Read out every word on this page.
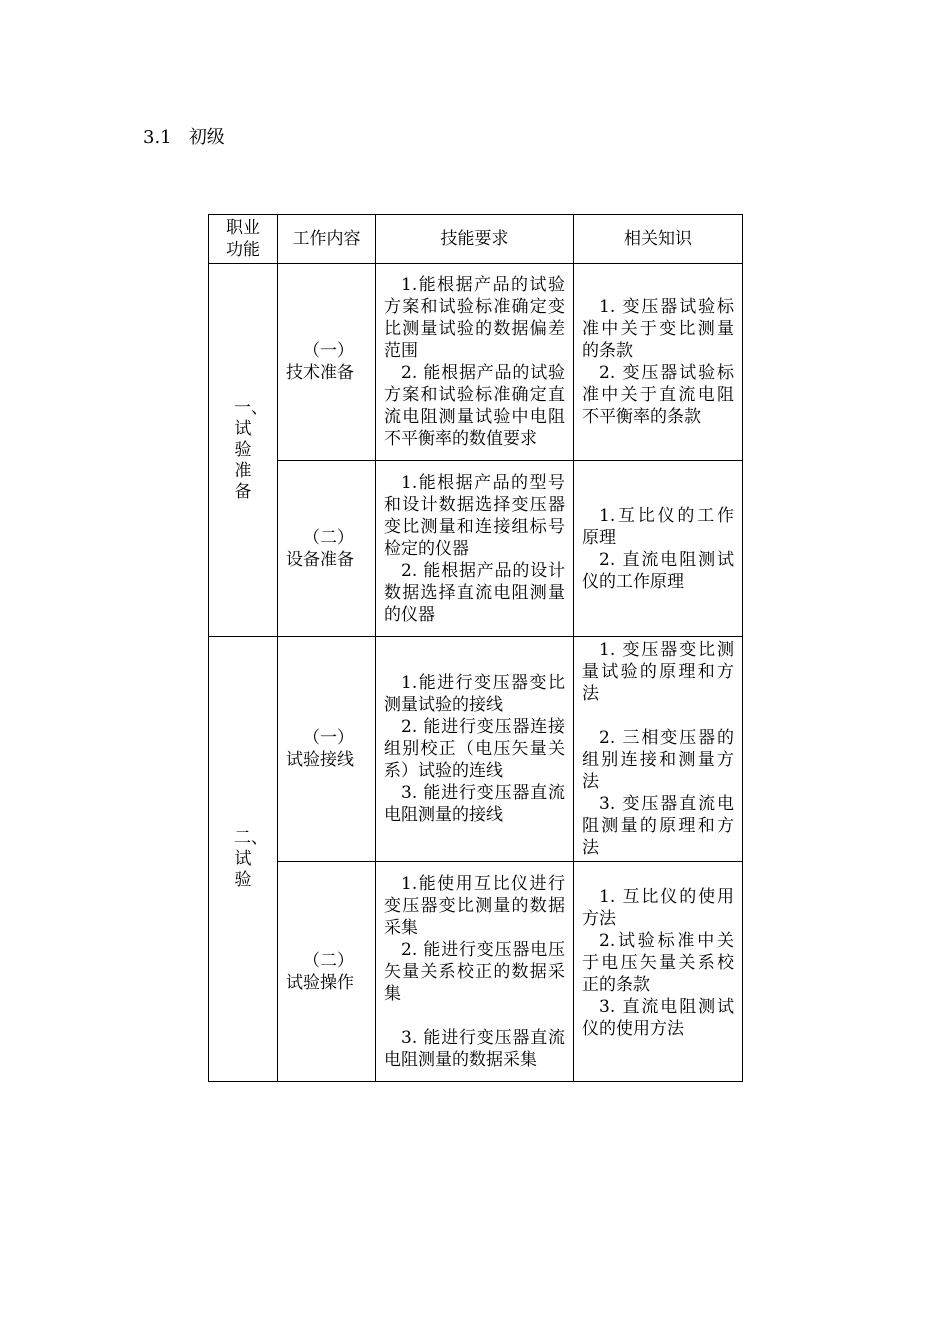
3.1 初级
职业
功能	工作内容	技能要求	相关知识
一、试验准备	（一）技术准备	1.能根据产品的试验方案和试验标准确定变比测量试验的数据偏差范围
2. 能根据产品的试验方案和试验标准确定直流电阻测量试验中电阻不平衡率的数值要求	1. 变压器试验标准中关于变比测量的条款
2. 变压器试验标准中关于直流电阻不平衡率的条款

	（二）设备准备	1.能根据产品的型号和设计数据选择变压器变比测量和连接组标号检定的仪器
2. 能根据产品的设计数据选择直流电阻测量的仪器	1.互比仪的工作原理
2. 直流电阻测试仪的工作原理

二、试验	（一）试验接线	1.能进行变压器变比测量试验的接线
2. 能进行变压器连接组别校正（电压矢量关系）试验的连线
3. 能进行变压器直流电阻测量的接线	1. 变压器变比测量试验的原理和方法
2. 三相变压器的组别连接和测量方法
3. 变压器直流电阻测量的原理和方法

	（二）试验操作	1.能使用互比仪进行变压器变比测量的数据采集
2. 能进行变压器电压矢量关系校正的数据采集
3. 能进行变压器直流电阻测量的数据采集	1. 互比仪的使用方法
2.试验标准中关于电压矢量关系校正的条款
3. 直流电阻测试仪的使用方法
